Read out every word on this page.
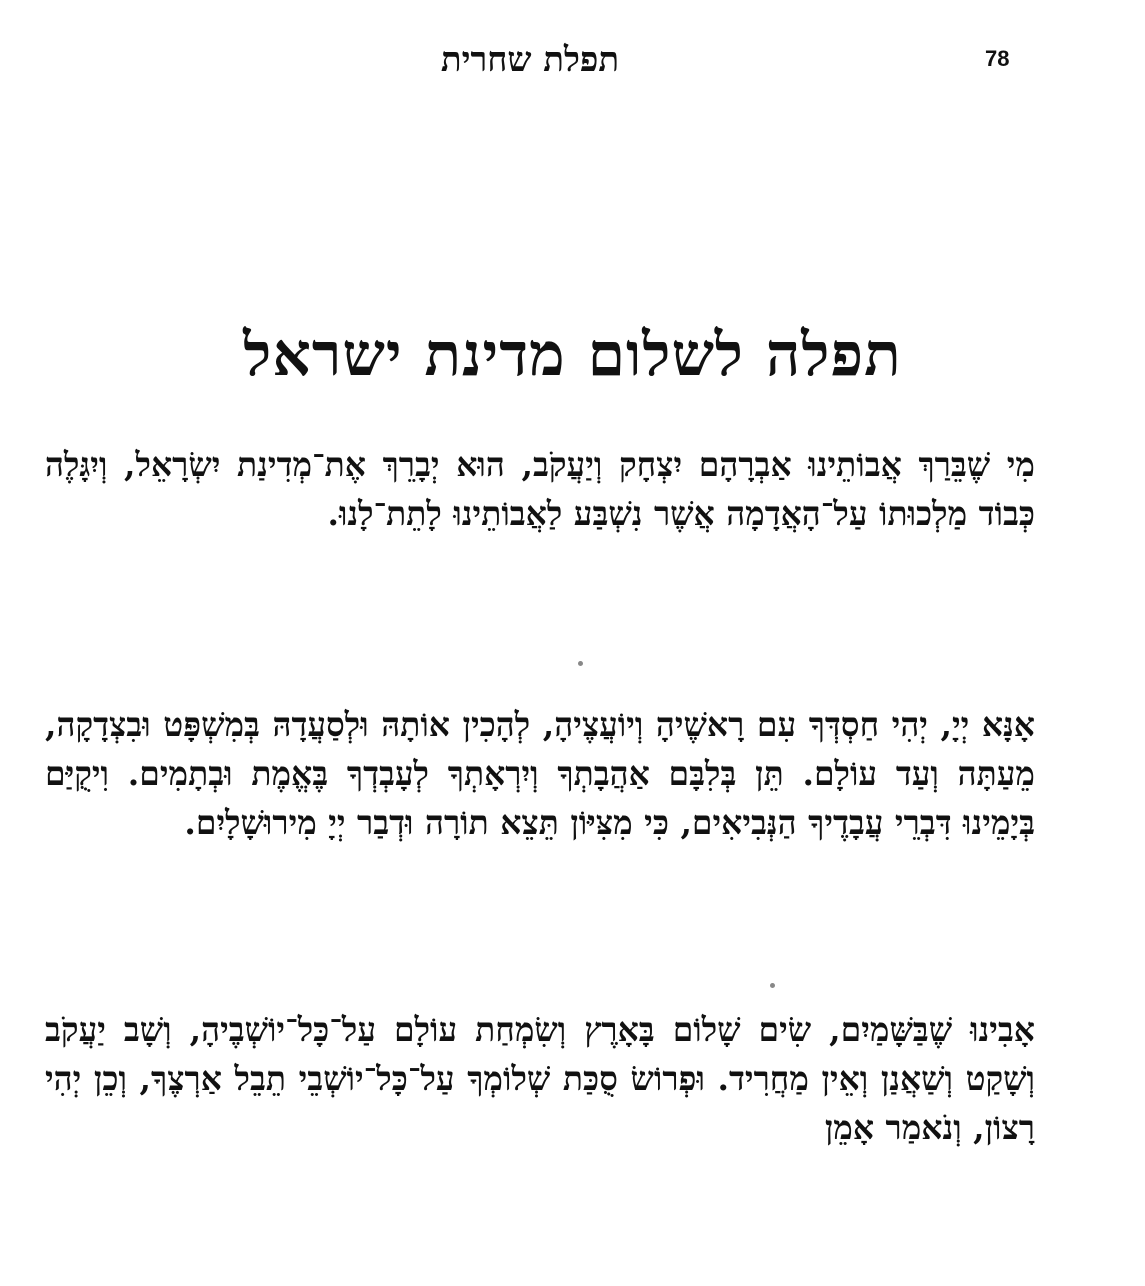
תפלת שחרית	78
תפלה לשלום מדינת ישראל
מִי שֶׁבֵּרַךְ אֲבוֹתֵינוּ אַבְרָהָם יִצְחָק וְיַעֲקֹב, הוּא יְבָרֵךְ אֶת־מְדִינַת יִשְׂרָאֵל, וְיִגָּלֶה כְּבוֹד מַלְכוּתוֹ עַל־הָאֲדָמָה אֲשֶׁר נִשְׁבַּע לַאֲבוֹתֵינוּ לָתֵת־לָנוּ.
אָנָּא יְיָ, יְהִי חַסְדְּךָ עִם רָאשֶׁיהָ וְיוֹעֲצֶיהָ, לְהָכִין אוֹתָהּ וּלְסַעֲדָהּ בְּמִשְׁפָּט וּבִצְדָקָה, מֵעַתָּה וְעַד עוֹלָם. תֵּן בְּלִבָּם אַהֲבָתְךָ וְיִרְאָתְךָ לְעָבְדְךָ בֶּאֱמֶת וּבְתָמִים. וִיקֻיַּם בְּיָמֵינוּ דִּבְרֵי עֲבָדֶיךָ הַנְּבִיאִים, כִּי מִצִּיּוֹן תֵּצֵא תוֹרָה וּדְבַר יְיָ מִירוּשָׁלָיִם.
אָבִינוּ שֶׁבַּשָּׁמַיִם, שִׂים שָׁלוֹם בָּאָרֶץ וְשִׂמְחַת עוֹלָם עַל־כָּל־יוֹשְׁבֶיהָ, וְשָׁב יַעֲקֹב וְשָׁקַט וְשַׁאֲנַן וְאֵין מַחֲרִיד. וּפְרוֹשׂ סֻכַּת שְׁלוֹמְךָ עַל־כָּל־יוֹשְׁבֵי תֵבֵל אַרְצֶךָ, וְכֵן יְהִי רָצוֹן, וְנֹאמַר אָמֵן
